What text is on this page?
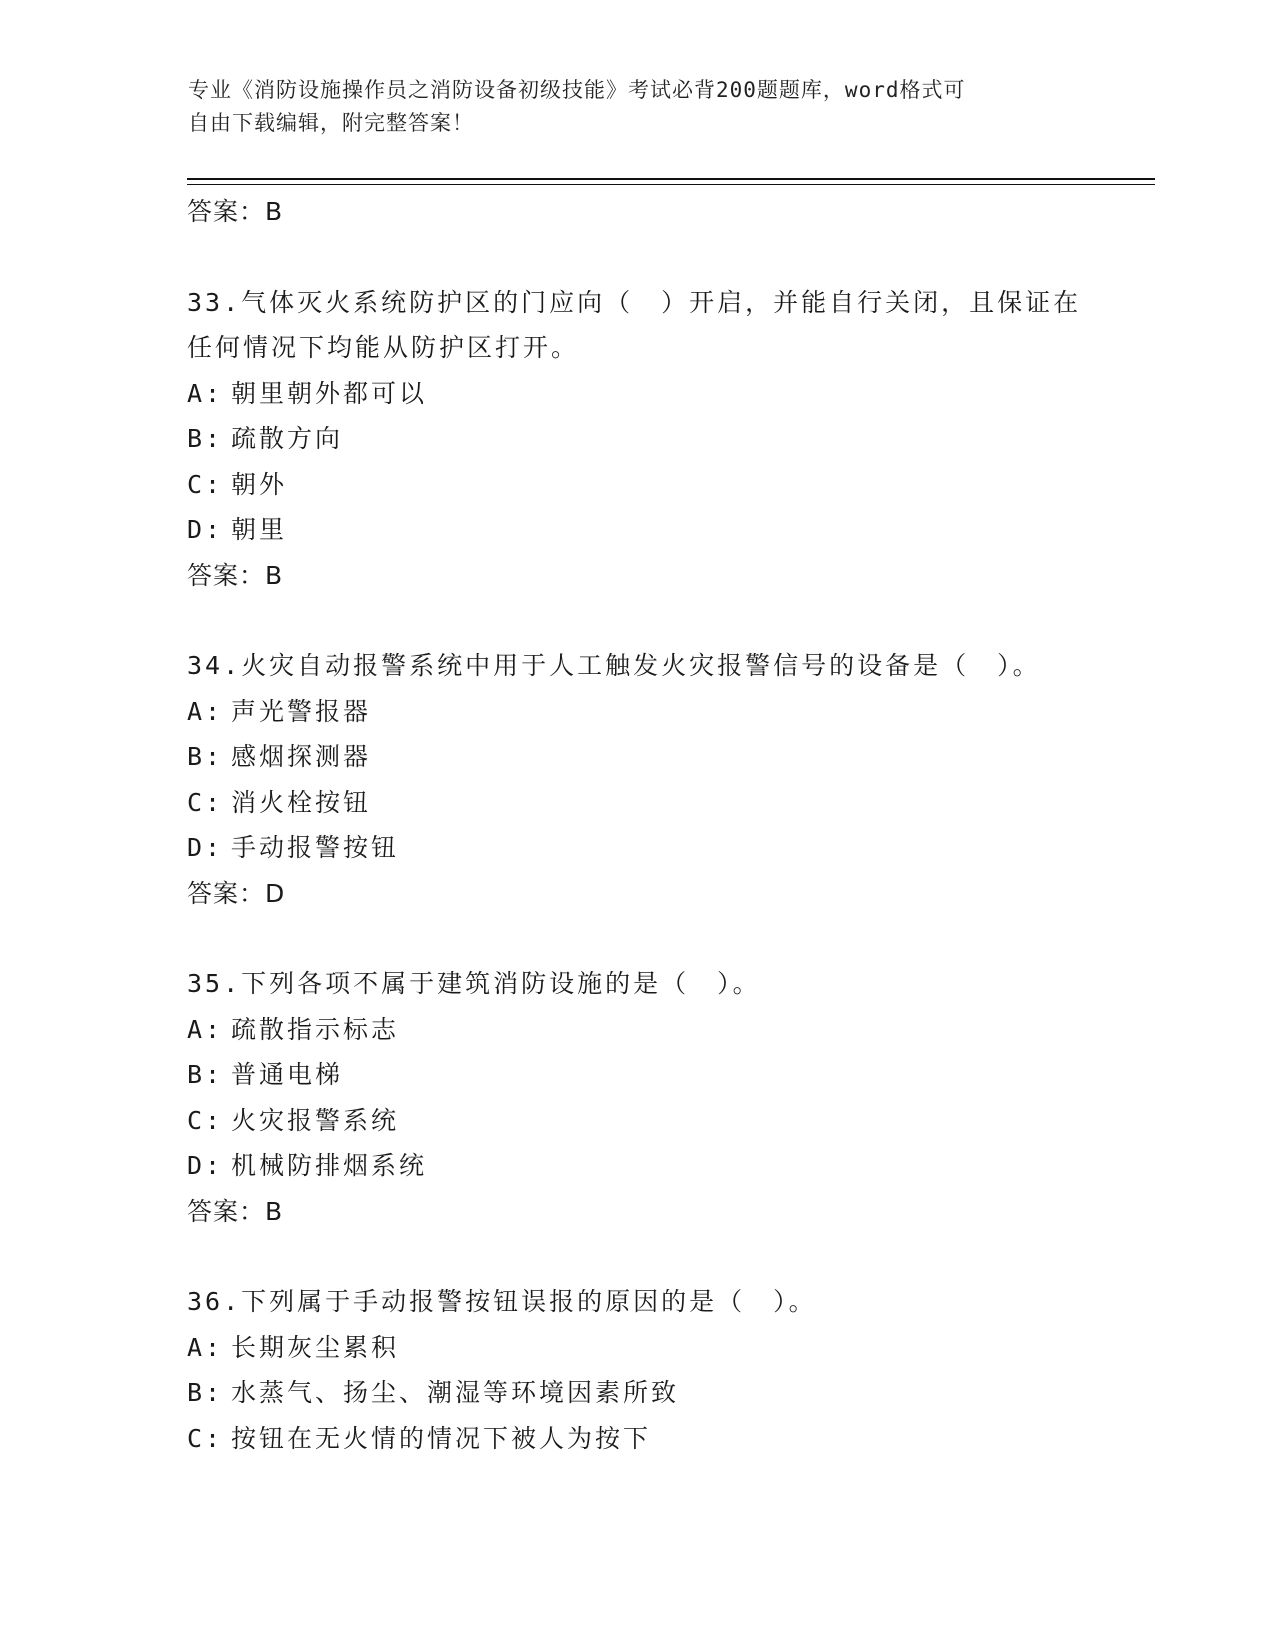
专业《消防设施操作员之消防设备初级技能》考试必背200题题库，word格式可
自由下载编辑，附完整答案！
答案：B
33.气体灭火系统防护区的门应向（　）开启，并能自行关闭，且保证在任何情况下均能从防护区打开。
A: 朝里朝外都可以
B: 疏散方向
C: 朝外
D: 朝里
答案：B
34.火灾自动报警系统中用于人工触发火灾报警信号的设备是（　）。
A: 声光警报器
B: 感烟探测器
C: 消火栓按钮
D: 手动报警按钮
答案：D
35.下列各项不属于建筑消防设施的是（　）。
A: 疏散指示标志
B: 普通电梯
C: 火灾报警系统
D: 机械防排烟系统
答案：B
36.下列属于手动报警按钮误报的原因的是（　）。
A: 长期灰尘累积
B: 水蒸气、扬尘、潮湿等环境因素所致
C: 按钮在无火情的情况下被人为按下
